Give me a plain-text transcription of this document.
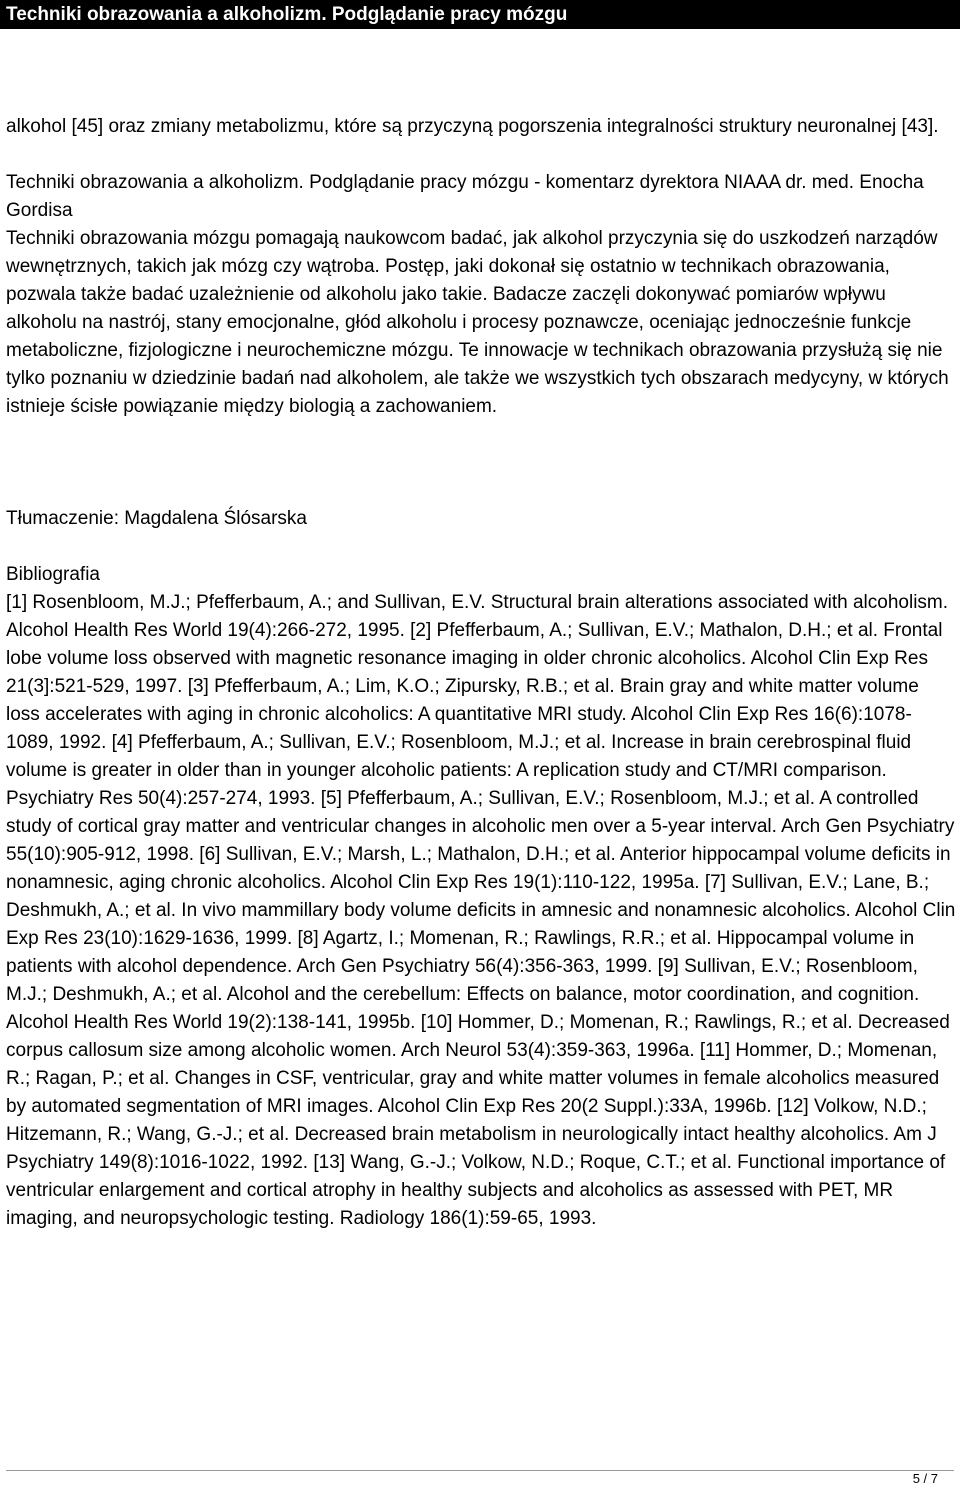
Techniki obrazowania a alkoholizm. Podglądanie pracy mózgu

alkohol [45] oraz zmiany metabolizmu, które są przyczyną pogorszenia integralności struktury neuronalnej [43].

Techniki obrazowania a alkoholizm. Podglądanie pracy mózgu - komentarz dyrektora NIAAA dr. med. Enocha Gordisa

Techniki obrazowania mózgu pomagają naukowcom badać, jak alkohol przyczynia się do uszkodzeń narządów wewnętrznych, takich jak mózg czy wątroba. Postęp, jaki dokonał się ostatnio w technikach obrazowania, pozwala także badać uzależnienie od alkoholu jako takie. Badacze zaczęli dokonywać pomiarów wpływu alkoholu na nastrój, stany emocjonalne, głód alkoholu i procesy poznawcze, oceniając jednocześnie funkcje metaboliczne, fizjologiczne i neurochemiczne mózgu. Te innowacje w technikach obrazowania przysłużą się nie tylko poznaniu w dziedzinie badań nad alkoholem, ale także we wszystkich tych obszarach medycyny, w których istnieje ścisłe powiązanie między biologią a zachowaniem.

Tłumaczenie: Magdalena Ślósarska

Bibliografia

[1] Rosenbloom, M.J.; Pfefferbaum, A.; and Sullivan, E.V. Structural brain alterations associated with alcoholism. Alcohol Health Res World 19(4):266-272, 1995. [2] Pfefferbaum, A.; Sullivan, E.V.; Mathalon, D.H.; et al. Frontal lobe volume loss observed with magnetic resonance imaging in older chronic alcoholics. Alcohol Clin Exp Res 21(3]:521-529, 1997. [3] Pfefferbaum, A.; Lim, K.O.; Zipursky, R.B.; et al. Brain gray and white matter volume loss accelerates with aging in chronic alcoholics: A quantitative MRI study. Alcohol Clin Exp Res 16(6):1078-1089, 1992. [4] Pfefferbaum, A.; Sullivan, E.V.; Rosenbloom, M.J.; et al. Increase in brain cerebrospinal fluid volume is greater in older than in younger alcoholic patients: A replication study and CT/MRI comparison. Psychiatry Res 50(4):257-274, 1993. [5] Pfefferbaum, A.; Sullivan, E.V.; Rosenbloom, M.J.; et al. A controlled study of cortical gray matter and ventricular changes in alcoholic men over a 5-year interval. Arch Gen Psychiatry 55(10):905-912, 1998. [6] Sullivan, E.V.; Marsh, L.; Mathalon, D.H.; et al. Anterior hippocampal volume deficits in nonamnesic, aging chronic alcoholics. Alcohol Clin Exp Res 19(1):110-122, 1995a. [7] Sullivan, E.V.; Lane, B.; Deshmukh, A.; et al. In vivo mammillary body volume deficits in amnesic and nonamnesic alcoholics. Alcohol Clin Exp Res 23(10):1629-1636, 1999. [8] Agartz, I.; Momenan, R.; Rawlings, R.R.; et al. Hippocampal volume in patients with alcohol dependence. Arch Gen Psychiatry 56(4):356-363, 1999. [9] Sullivan, E.V.; Rosenbloom, M.J.; Deshmukh, A.; et al. Alcohol and the cerebellum: Effects on balance, motor coordination, and cognition. Alcohol Health Res World 19(2):138-141, 1995b. [10] Hommer, D.; Momenan, R.; Rawlings, R.; et al. Decreased corpus callosum size among alcoholic women. Arch Neurol 53(4):359-363, 1996a. [11] Hommer, D.; Momenan, R.; Ragan, P.; et al. Changes in CSF, ventricular, gray and white matter volumes in female alcoholics measured by automated segmentation of MRI images. Alcohol Clin Exp Res 20(2 Suppl.):33A, 1996b. [12] Volkow, N.D.; Hitzemann, R.; Wang, G.-J.; et al. Decreased brain metabolism in neurologically intact healthy alcoholics. Am J Psychiatry 149(8):1016-1022, 1992. [13] Wang, G.-J.; Volkow, N.D.; Roque, C.T.; et al. Functional importance of ventricular enlargement and cortical atrophy in healthy subjects and alcoholics as assessed with PET, MR imaging, and neuropsychologic testing. Radiology 186(1):59-65, 1993.

5 / 7
